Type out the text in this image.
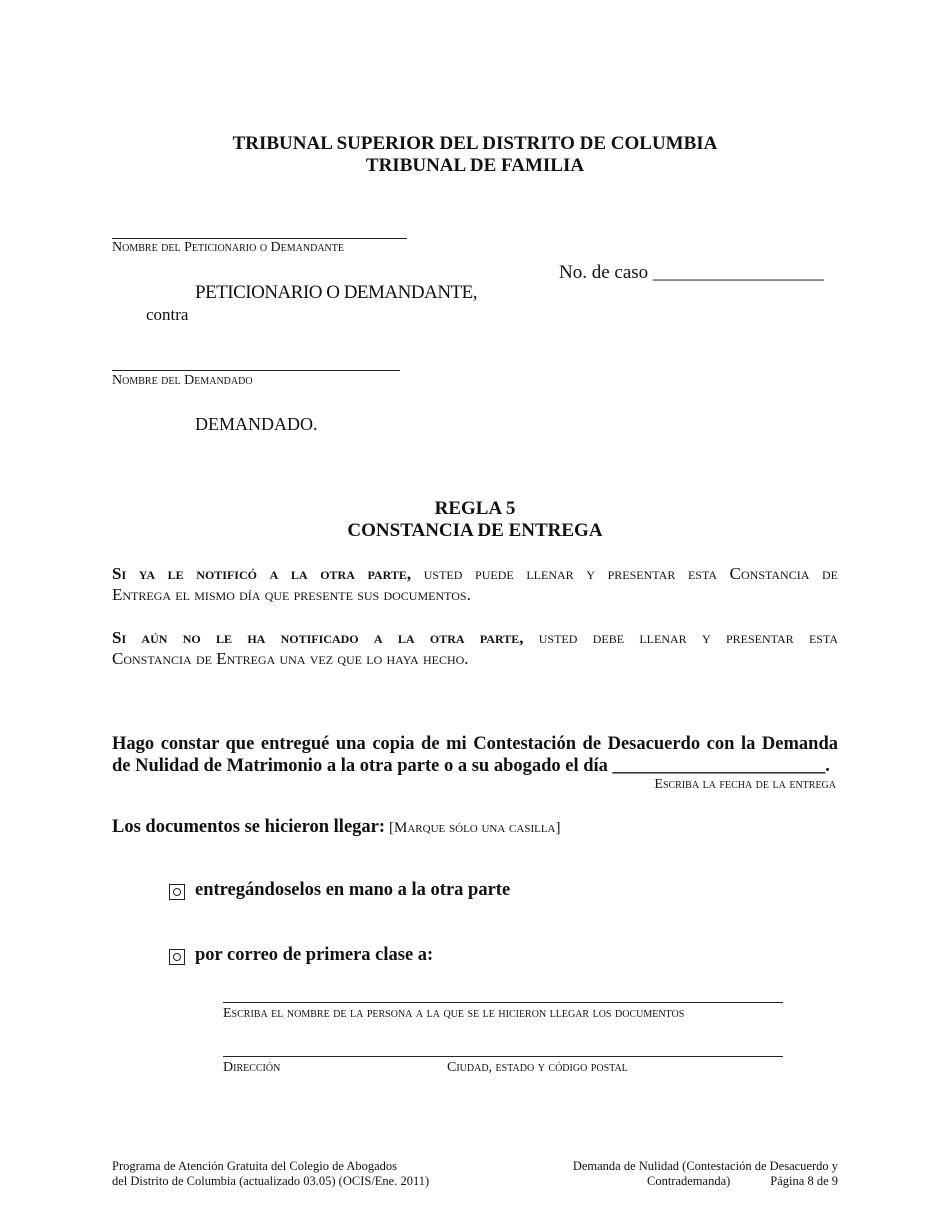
TRIBUNAL SUPERIOR DEL DISTRITO DE COLUMBIA
TRIBUNAL DE FAMILIA
Nombre del Peticionario o Demandante
No. de caso __________________
PETICIONARIO O DEMANDANTE,
contra
Nombre del Demandado
DEMANDADO.
REGLA 5
CONSTANCIA DE ENTREGA
Si ya le notificó a la otra parte, usted puede llenar y presentar esta Constancia de
Entrega el mismo día que presente sus documentos.
Si aún no le ha notificado a la otra parte, usted debe llenar y presentar esta
Constancia de Entrega una vez que lo haya hecho.
Hago constar que entregué una copia de mi Contestación de Desacuerdo con la Demanda
de Nulidad de Matrimonio a la otra parte o a su abogado el día _______________________.
Escriba la fecha de la entrega
Los documentos se hicieron llegar: [Marque sólo una casilla]
entregándoselos en mano a la otra parte
por correo de primera clase a:
Escriba el nombre de la persona a la que se le hicieron llegar los documentos
Dirección	Ciudad, estado y código postal
Programa de Atención Gratuita del Colegio de Abogados
del Distrito de Columbia (actualizado 03.05) (OCIS/Ene. 2011)
Demanda de Nulidad (Contestación de Desacuerdo y
Contrademanda)	Página 8 de 9
